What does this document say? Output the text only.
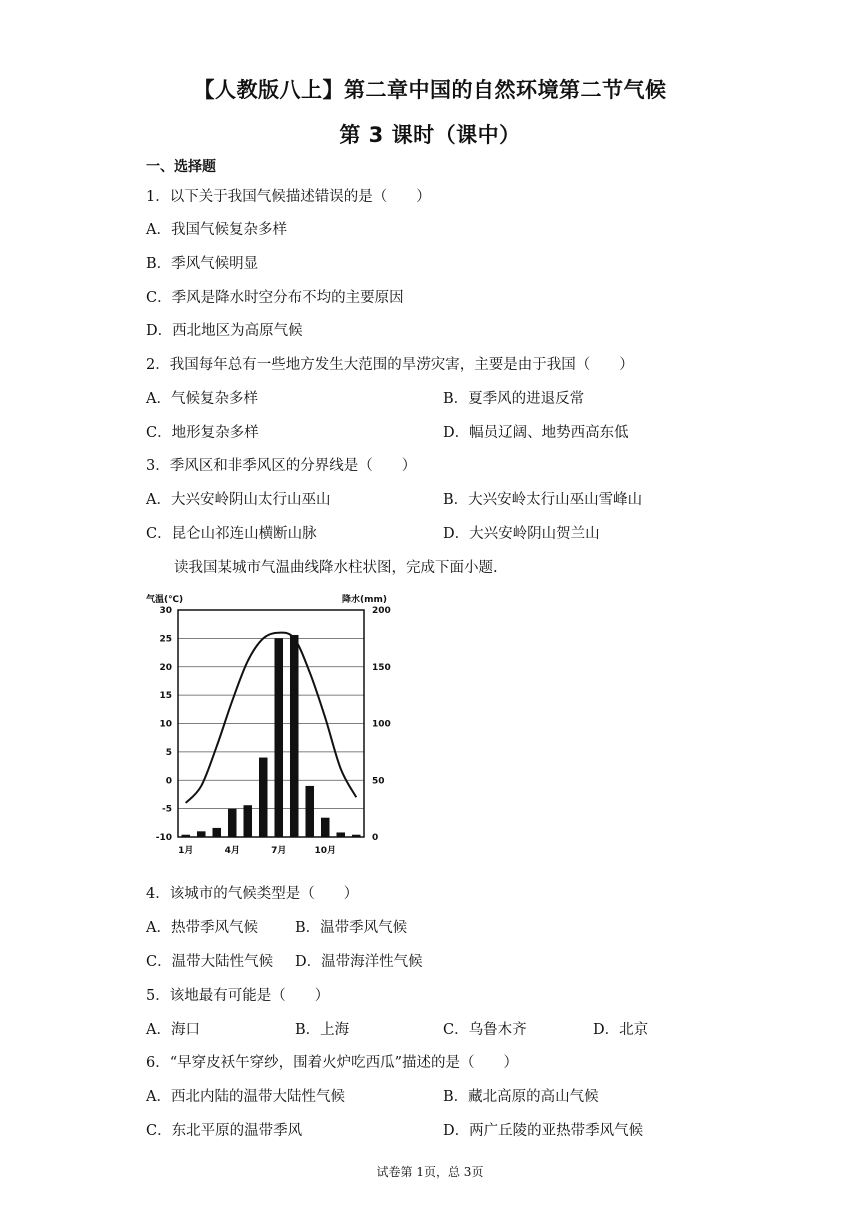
【人教版八上】第二章中国的自然环境第二节气候
第 3 课时（课中）
一、选择题
1．以下关于我国气候描述错误的是（　　）
A．我国气候复杂多样
B．季风气候明显
C．季风是降水时空分布不均的主要原因
D．西北地区为高原气候
2．我国每年总有一些地方发生大范围的旱涝灾害，主要是由于我国（　　）
A．气候复杂多样	B．夏季风的进退反常
C．地形复杂多样	D．幅员辽阔、地势西高东低
3．季风区和非季风区的分界线是（　　）
A．大兴安岭阴山太行山巫山	B．大兴安岭太行山巫山雪峰山
C．昆仑山祁连山横断山脉	D．大兴安岭阴山贺兰山
读我国某城市气温曲线降水柱状图，完成下面小题.
气温(℃)	降水(mm)
30
25
20
15
10
5
0
-5
-10
200
150
100
50
0
1月	4月	7月	10月
4．该城市的气候类型是（　　）
A．热带季风气候	B．温带季风气候
C．温带大陆性气候 D．温带海洋性气候
5．该地最有可能是（　　）
A．海口	B．上海	C．乌鲁木齐	D．北京
6．“早穿皮袄午穿纱，围着火炉吃西瓜”描述的是（　　）
A．西北内陆的温带大陆性气候	B．藏北高原的高山气候
C．东北平原的温带季风	D．两广丘陵的亚热带季风气候
试卷第 1页，总 3页
